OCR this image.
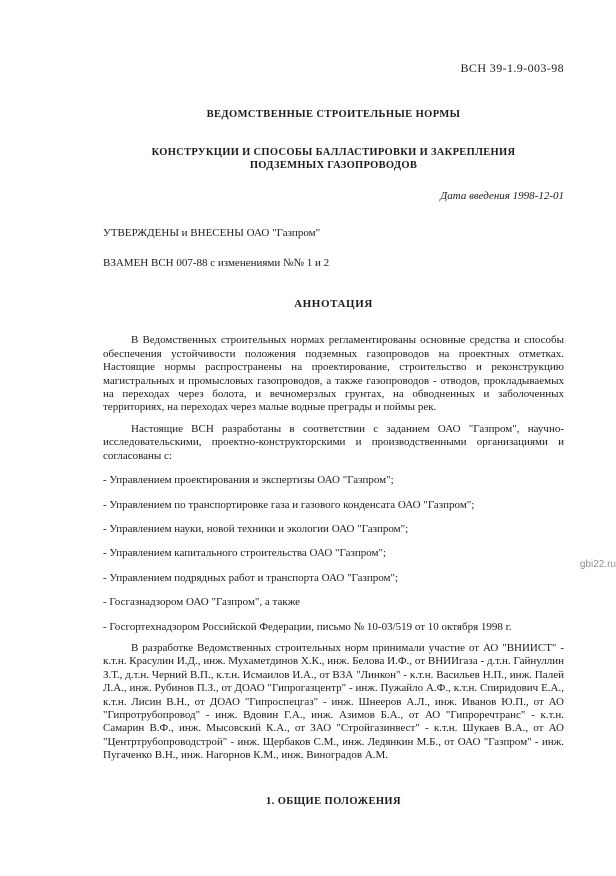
ВСН 39-1.9-003-98
ВЕДОМСТВЕННЫЕ СТРОИТЕЛЬНЫЕ НОРМЫ
КОНСТРУКЦИИ И СПОСОБЫ БАЛЛАСТИРОВКИ И ЗАКРЕПЛЕНИЯ
ПОДЗЕМНЫХ ГАЗОПРОВОДОВ
Дата введения 1998-12-01
УТВЕРЖДЕНЫ и ВНЕСЕНЫ ОАО "Газпром"
ВЗАМЕН ВСН 007-88 с изменениями №№ 1 и 2
АННОТАЦИЯ

В Ведомственных строительных нормах регламентированы основные средства и способы обеспечения устойчивости положения подземных газопроводов на проектных отметках. Настоящие нормы распространены на проектирование, строительство и реконструкцию магистральных и промысловых газопроводов, а также газопроводов - отводов, прокладываемых на переходах через болота, и вечномерзлых грунтах, на обводненных и заболоченных территориях, на переходах через малые водные преграды и поймы рек.

Настоящие ВСН разработаны в соответствии с заданием ОАО "Газпром", научно-исследовательскими, проектно-конструкторскими и производственными организациями и согласованы с:

- Управлением проектирования и экспертизы ОАО "Газпром";
- Управлением по транспортировке газа и газового конденсата ОАО "Газпром";
- Управлением науки, новой техники и экологии ОАО "Газпром";
- Управлением капитального строительства ОАО "Газпром";
- Управлением подрядных работ и транспорта ОАО "Газпром";
- Госгазнадзором ОАО "Газпром", а также
- Госгортехнадзором Российской Федерации, письмо № 10-03/519 от 10 октября 1998 г.

В разработке Ведомственных строительных норм принимали участие от АО "ВНИИСТ" - к.т.н. Красулин И.Д., инж. Мухаметдинов Х.К., инж. Белова И.Ф., от ВНИИгаза - д.т.н. Гайнуллин З.Т., д.т.н. Черний В.П., к.т.н. Исмаилов И.А., от ВЗА "Линкон" - к.т.н. Васильев Н.П., инж. Палей Л.А., инж. Рубинов П.З., от ДОАО "Гипрогазцентр" - инж. Пужайло А.Ф., к.т.н. Спиридович Е.А., к.т.н. Лисин В.Н., от ДОАО "Гипроспецгаз" - инж. Шнееров А.Л., инж. Иванов Ю.П., от АО "Гипротрубопровод" - инж. Вдовин Г.А., инж. Азимов Б.А., от АО "Гипроречтранс" - к.т.н. Самарин В.Ф., инж. Мысовский К.А., от ЗАО "Стройгазинвест" - к.т.н. Шукаев В.А., от АО "Центртрубопроводстрой" - инж. Щербаков С.М., инж. Ледянкин М.Б., от ОАО "Газпром" - инж. Пугаченко В.Н., инж. Нагорнов К.М., инж. Виноградов А.М.

1. ОБЩИЕ ПОЛОЖЕНИЯ
gbi22.ru
